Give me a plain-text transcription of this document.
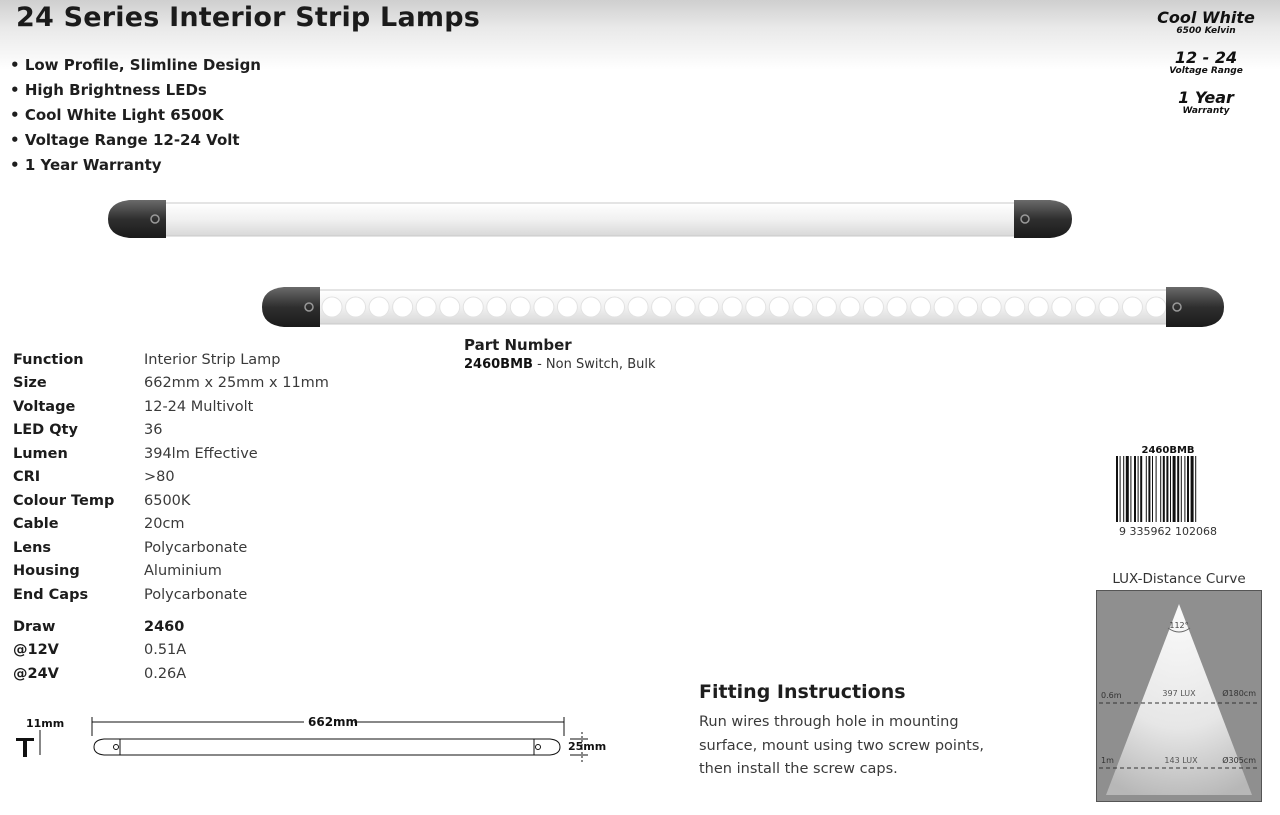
24 Series Interior Strip Lamps
• Low Profile, Slimline Design
• High Brightness LEDs
• Cool White Light 6500K
• Voltage Range 12-24 Volt
• 1 Year Warranty
Cool White
6500 Kelvin
12 - 24
Voltage Range
1 Year
Warranty
Part Number
2460BMB - Non Switch, Bulk
Function	Interior Strip Lamp
Size	662mm x 25mm x 11mm
Voltage	12-24 Multivolt
LED Qty	36
Lumen	394lm Effective
CRI	>80
Colour Temp	6500K
Cable	20cm
Lens	Polycarbonate
Housing	Aluminium
End Caps	Polycarbonate
Draw	2460
@12V	0.51A
@24V	0.26A
11mm	662mm
25mm
Fitting Instructions
Run wires through hole in mounting surface, mount using two screw points, then install the screw caps.
2460BMB
9 335962 102068
LUX-Distance Curve
112°
0.6m	397 LUX	Ø180cm
1m	143 LUX	Ø305cm
